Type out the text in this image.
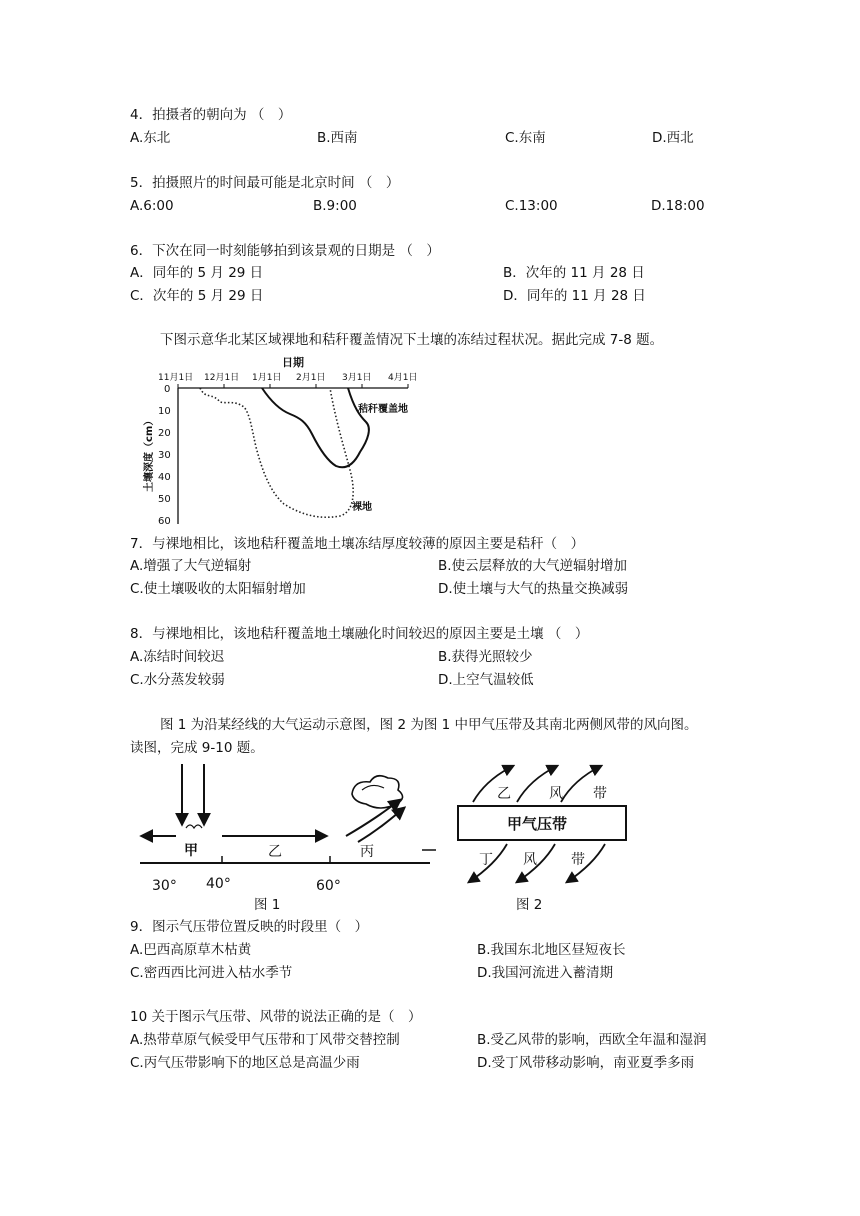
4．拍摄者的朝向为 （　）
A.东北	B.西南	C.东南	D.西北
5．拍摄照片的时间最可能是北京时间 （　）
A.6:00	B.9:00	C.13:00	D.18:00
6．下次在同一时刻能够拍到该景观的日期是 （　）
A．同年的 5 月 29 日	B．次年的 11 月 28 日
C．次年的 5 月 29 日	D．同年的 11 月 28 日
下图示意华北某区域裸地和秸秆覆盖情况下土壤的冻结过程状况。据此完成 7-8 题。
日期
11月1日 12月1日 1月1日 2月1日 3月1日 4月1日
0
10
20
30
40
50
60
土壤深度（cm）
秸秆覆盖地
裸地
7．与裸地相比，该地秸秆覆盖地土壤冻结厚度较薄的原因主要是秸秆（　）
A.增强了大气逆辐射	B.使云层释放的大气逆辐射增加
C.使土壤吸收的太阳辐射增加	D.使土壤与大气的热量交换减弱
8．与裸地相比，该地秸秆覆盖地土壤融化时间较迟的原因主要是土壤 （　）
A.冻结时间较迟	B.获得光照较少
C.水分蒸发较弱	D.上空气温较低
图 1 为沿某经线的大气运动示意图，图 2 为图 1 中甲气压带及其南北两侧风带的风向图。
读图，完成 9-10 题。
甲	乙	丙
30° 40°	60°
图 1
乙	风 带
甲气压带
丁 风 带
图 2
9．图示气压带位置反映的时段里（　）
A.巴西高原草木枯黄	B.我国东北地区昼短夜长
C.密西西比河进入枯水季节	D.我国河流进入蓄清期
10 关于图示气压带、风带的说法正确的是（　）
A.热带草原气候受甲气压带和丁风带交替控制	B.受乙风带的影响，西欧全年温和湿润
C.丙气压带影响下的地区总是高温少雨	D.受丁风带移动影响，南亚夏季多雨
